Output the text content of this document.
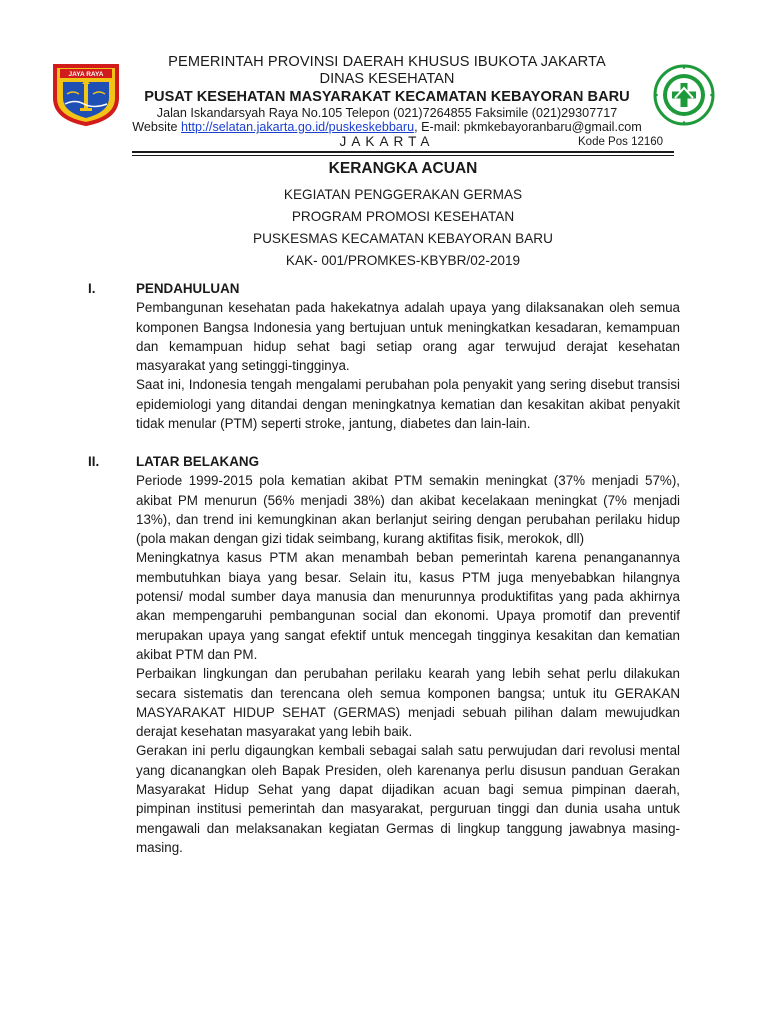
JAYA RAYA
PEMERINTAH PROVINSI DAERAH KHUSUS IBUKOTA JAKARTA
DINAS KESEHATAN
PUSAT KESEHATAN MASYARAKAT KECAMATAN KEBAYORAN BARU
Jalan Iskandarsyah Raya No.105 Telepon (021)7264855 Faksimile (021)29307717
Website http://selatan.jakarta.go.id/puskeskebbaru, E-mail: pkmkebayoranbaru@gmail.com
JAKARTA	Kode Pos 12160
KERANGKA ACUAN
KEGIATAN PENGGERAKAN GERMAS
PROGRAM PROMOSI KESEHATAN
PUSKESMAS KECAMATAN KEBAYORAN BARU
KAK- 001/PROMKES-KBYBR/02-2019
I.	PENDAHULUAN
Pembangunan kesehatan pada hakekatnya adalah upaya yang dilaksanakan oleh semua komponen Bangsa Indonesia yang bertujuan untuk meningkatkan kesadaran, kemampuan dan kemampuan hidup sehat bagi setiap orang agar terwujud derajat kesehatan masyarakat yang setinggi-tingginya.
Saat ini, Indonesia tengah mengalami perubahan pola penyakit yang sering disebut transisi epidemiologi yang ditandai dengan meningkatnya kematian dan kesakitan akibat penyakit tidak menular (PTM) seperti stroke, jantung, diabetes dan lain-lain.
II.	LATAR BELAKANG
Periode 1999-2015 pola kematian akibat PTM semakin meningkat (37% menjadi 57%), akibat PM menurun (56% menjadi 38%) dan akibat kecelakaan meningkat (7% menjadi 13%), dan trend ini kemungkinan akan berlanjut seiring dengan perubahan perilaku hidup (pola makan dengan gizi tidak seimbang, kurang aktifitas fisik, merokok, dll)
Meningkatnya kasus PTM akan menambah beban pemerintah karena penanganannya membutuhkan biaya yang besar. Selain itu, kasus PTM juga menyebabkan hilangnya potensi/ modal sumber daya manusia dan menurunnya produktifitas yang pada akhirnya akan mempengaruhi pembangunan social dan ekonomi. Upaya promotif dan preventif merupakan upaya yang sangat efektif untuk mencegah tingginya kesakitan dan kematian akibat PTM dan PM.
Perbaikan lingkungan dan perubahan perilaku kearah yang lebih sehat perlu dilakukan secara sistematis dan terencana oleh semua komponen bangsa; untuk itu GERAKAN MASYARAKAT HIDUP SEHAT (GERMAS) menjadi sebuah pilihan dalam mewujudkan derajat kesehatan masyarakat yang lebih baik.
Gerakan ini perlu digaungkan kembali sebagai salah satu perwujudan dari revolusi mental yang dicanangkan oleh Bapak Presiden, oleh karenanya perlu disusun panduan Gerakan Masyarakat Hidup Sehat yang dapat dijadikan acuan bagi semua pimpinan daerah, pimpinan institusi pemerintah dan masyarakat, perguruan tinggi dan dunia usaha untuk mengawali dan melaksanakan kegiatan Germas di lingkup tanggung jawabnya masing-masing.
